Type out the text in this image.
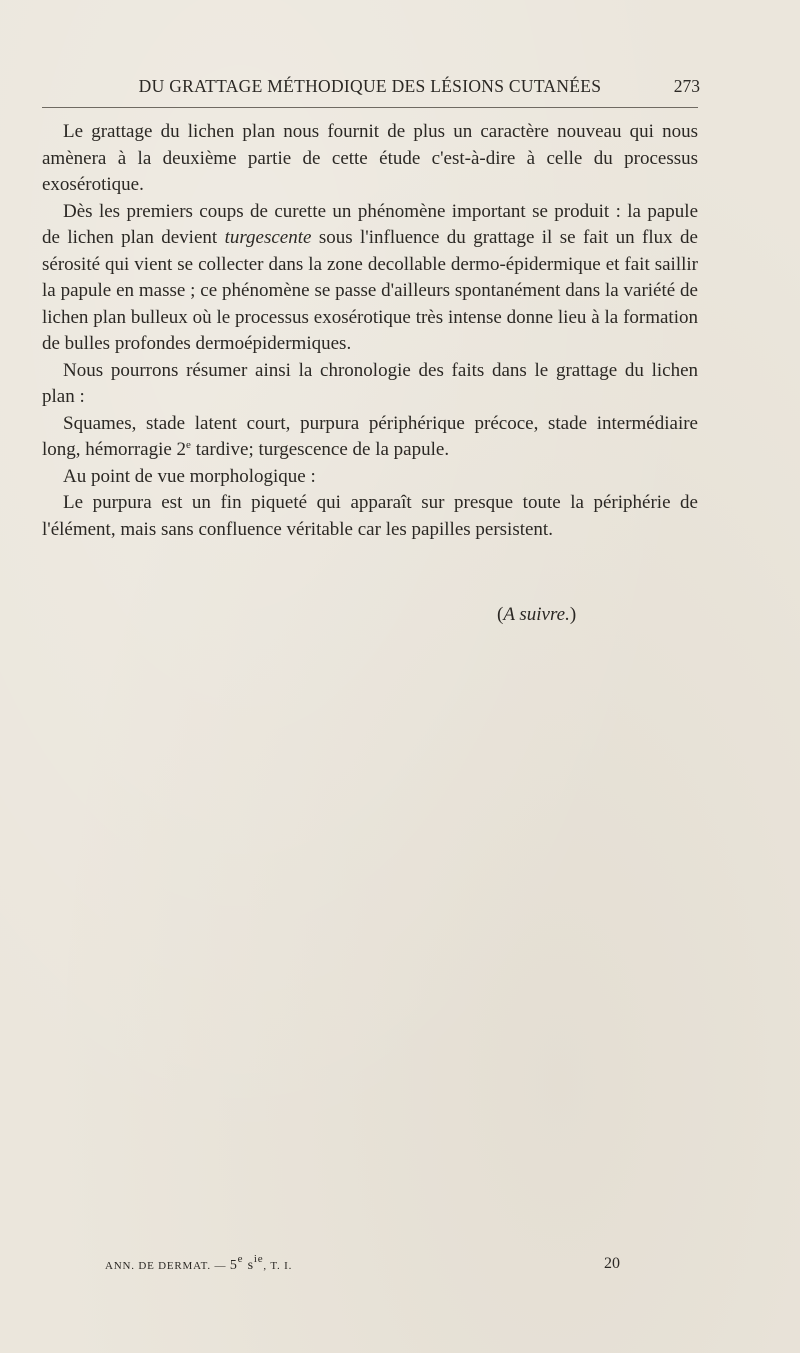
DU GRATTAGE MÉTHODIQUE DES LÉSIONS CUTANÉES	273

Le grattage du lichen plan nous fournit de plus un caractère nouveau qui nous amènera à la deuxième partie de cette étude c'est-à-dire à celle du processus exosérotique.

Dès les premiers coups de curette un phénomène important se produit : la papule de lichen plan devient turgescente sous l'influence du grattage il se fait un flux de sérosité qui vient se collecter dans la zone decollable dermo-épidermique et fait saillir la papule en masse ; ce phénomène se passe d'ailleurs spontanément dans la variété de lichen plan bulleux où le processus exosérotique très intense donne lieu à la formation de bulles profondes dermoépidermiques.

Nous pourrons résumer ainsi la chronologie des faits dans le grattage du lichen plan :

Squames, stade latent court, purpura périphérique précoce, stade intermédiaire long, hémorragie 2e tardive; turgescence de la papule.

Au point de vue morphologique :

Le purpura est un fin piqueté qui apparaît sur presque toute la périphérie de l'élément, mais sans confluence véritable car les papilles persistent.

(A suivre.)
ANN. DE DERMAT. — 5e sie, T. I.	20
